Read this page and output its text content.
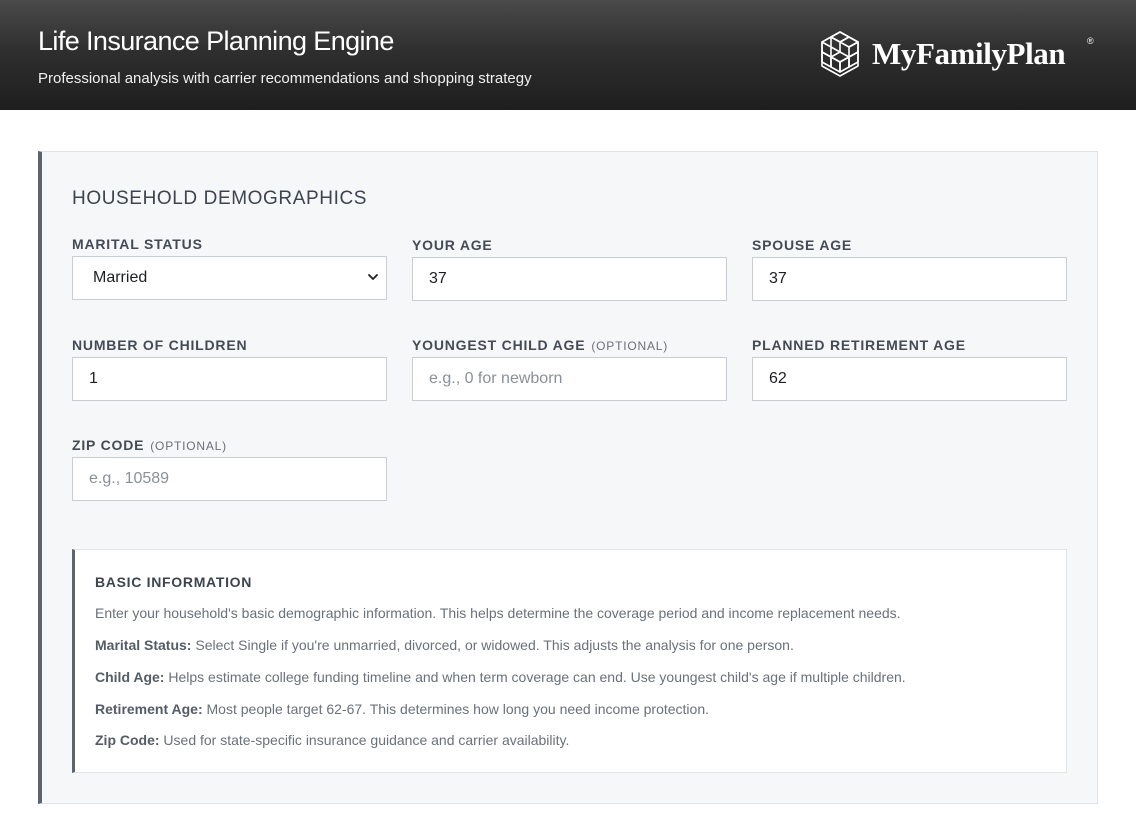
Life Insurance Planning Engine
Professional analysis with carrier recommendations and shopping strategy
MyFamilyPlan ®
HOUSEHOLD DEMOGRAPHICS
MARITAL STATUS
Married
YOUR AGE
37	SPOUSE AGE
37
NUMBER OF CHILDREN
1	YOUNGEST CHILD AGE (OPTIONAL)
e.g., 0 for newborn	PLANNED RETIREMENT AGE
62
ZIP CODE (OPTIONAL)
e.g., 10589
BASIC INFORMATION
Enter your household's basic demographic information. This helps determine the coverage period and income replacement needs.
Marital Status: Select Single if you're unmarried, divorced, or widowed. This adjusts the analysis for one person.
Child Age: Helps estimate college funding timeline and when term coverage can end. Use youngest child's age if multiple children.
Retirement Age: Most people target 62-67. This determines how long you need income protection.
Zip Code: Used for state-specific insurance guidance and carrier availability.
